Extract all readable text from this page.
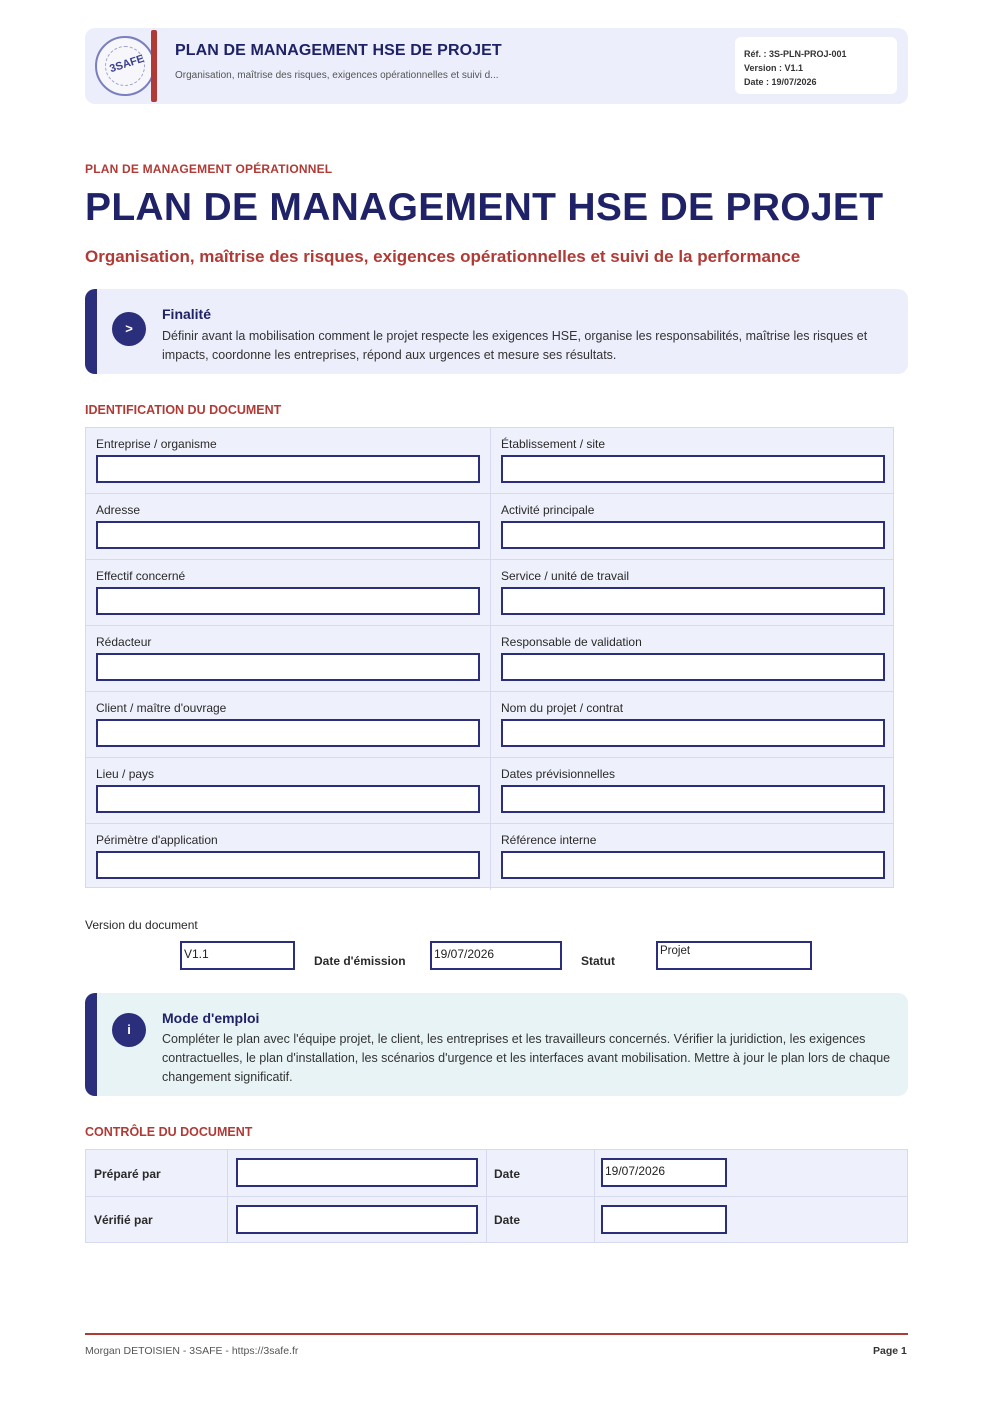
3SAFE
PLAN DE MANAGEMENT HSE DE PROJET
Organisation, maîtrise des risques, exigences opérationnelles et suivi d...
Réf. : 3S-PLN-PROJ-001
Version : V1.1
Date : 19/07/2026
PLAN DE MANAGEMENT OPÉRATIONNEL
PLAN DE MANAGEMENT HSE DE PROJET
Organisation, maîtrise des risques, exigences opérationnelles et suivi de la performance
>
Finalité
Définir avant la mobilisation comment le projet respecte les exigences HSE, organise les responsabilités, maîtrise les risques et impacts, coordonne les entreprises, répond aux urgences et mesure ses résultats.
IDENTIFICATION DU DOCUMENT
Entreprise / organisme	Établissement / site
Adresse	Activité principale
Effectif concerné	Service / unité de travail
Rédacteur	Responsable de validation
Client / maître d'ouvrage	Nom du projet / contrat
Lieu / pays	Dates prévisionnelles
Périmètre d'application	Référence interne
Version du document
V1.1	Date d'émission	19/07/2026	Statut
Projet
i
Mode d'emploi
Compléter le plan avec l'équipe projet, le client, les entreprises et les travailleurs concernés. Vérifier la juridiction, les exigences contractuelles, le plan d'installation, les scénarios d'urgence et les interfaces avant mobilisation. Mettre à jour le plan lors de chaque changement significatif.
CONTRÔLE DU DOCUMENT
Préparé par	Date	19/07/2026
Vérifié par	Date
Morgan DETOISIEN - 3SAFE - https://3safe.fr	Page 1
